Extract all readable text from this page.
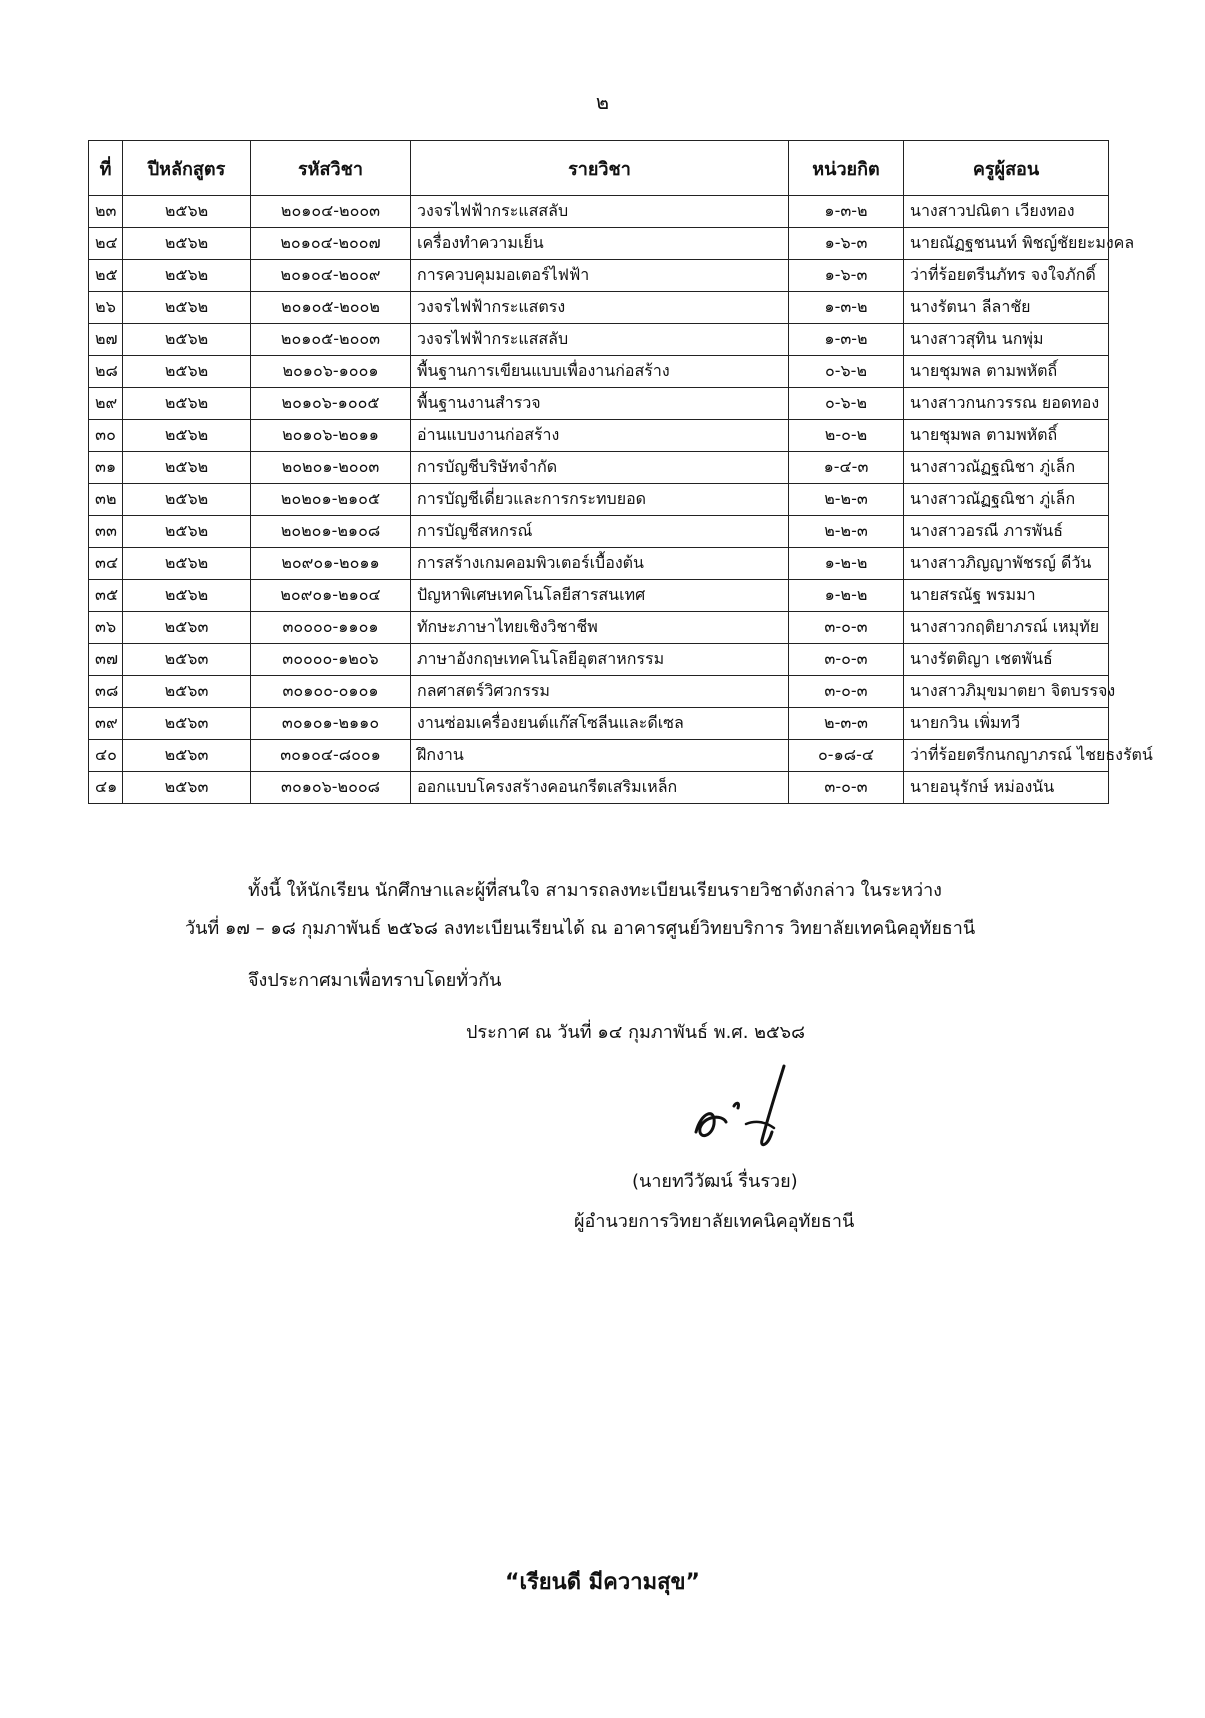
๒
ที่	ปีหลักสูตร	รหัสวิชา	รายวิชา	หน่วยกิต	ครูผู้สอน
๒๓	๒๕๖๒	๒๐๑๐๔-๒๐๐๓	วงจรไฟฟ้ากระแสสลับ	๑-๓-๒	นางสาวปณิตา เวียงทอง
๒๔	๒๕๖๒	๒๐๑๐๔-๒๐๐๗	เครื่องทำความเย็น	๑-๖-๓	นายณัฏฐชนนท์ พิชญ์ชัยยะมงคล
๒๕	๒๕๖๒	๒๐๑๐๔-๒๐๐๙	การควบคุมมอเตอร์ไฟฟ้า	๑-๖-๓	ว่าที่ร้อยตรีนภัทร จงใจภักดิ์
๒๖	๒๕๖๒	๒๐๑๐๕-๒๐๐๒	วงจรไฟฟ้ากระแสตรง	๑-๓-๒	นางรัตนา ลีลาชัย
๒๗	๒๕๖๒	๒๐๑๐๕-๒๐๐๓	วงจรไฟฟ้ากระแสสลับ	๑-๓-๒	นางสาวสุทิน นกพุ่ม
๒๘	๒๕๖๒	๒๐๑๐๖-๑๐๐๑	พื้นฐานการเขียนแบบเพื่องานก่อสร้าง	๐-๖-๒	นายชุมพล ตามพหัตถิ์
๒๙	๒๕๖๒	๒๐๑๐๖-๑๐๐๕	พื้นฐานงานสำรวจ	๐-๖-๒	นางสาวกนกวรรณ ยอดทอง
๓๐	๒๕๖๒	๒๐๑๐๖-๒๐๑๑	อ่านแบบงานก่อสร้าง	๒-๐-๒	นายชุมพล ตามพหัตถิ์
๓๑	๒๕๖๒	๒๐๒๐๑-๒๐๐๓	การบัญชีบริษัทจำกัด	๑-๔-๓	นางสาวณัฏฐณิชา ภู่เล็ก
๓๒	๒๕๖๒	๒๐๒๐๑-๒๑๐๕	การบัญชีเดี่ยวและการกระทบยอด	๒-๒-๓	นางสาวณัฏฐณิชา ภู่เล็ก
๓๓	๒๕๖๒	๒๐๒๐๑-๒๑๐๘	การบัญชีสหกรณ์	๒-๒-๓	นางสาวอรณี ภารพันธ์
๓๔	๒๕๖๒	๒๐๙๐๑-๒๐๑๑	การสร้างเกมคอมพิวเตอร์เบื้องต้น	๑-๒-๒	นางสาวภิญญาพัชรญ์ ดีวัน
๓๕	๒๕๖๒	๒๐๙๐๑-๒๑๐๔	ปัญหาพิเศษเทคโนโลยีสารสนเทศ	๑-๒-๒	นายสรณัฐ พรมมา
๓๖	๒๕๖๓	๓๐๐๐๐-๑๑๐๑	ทักษะภาษาไทยเชิงวิชาชีพ	๓-๐-๓	นางสาวกฤติยาภรณ์ เหมุทัย
๓๗	๒๕๖๓	๓๐๐๐๐-๑๒๐๖	ภาษาอังกฤษเทคโนโลยีอุตสาหกรรม	๓-๐-๓	นางรัตติญา เชตพันธ์
๓๘	๒๕๖๓	๓๐๑๐๐-๐๑๐๑	กลศาสตร์วิศวกรรม	๓-๐-๓	นางสาวภิมุขมาตยา จิตบรรจง
๓๙	๒๕๖๓	๓๐๑๐๑-๒๑๑๐	งานซ่อมเครื่องยนต์แก๊สโซลีนและดีเซล	๒-๓-๓	นายกวิน เพิ่มทวี
๔๐	๒๕๖๓	๓๐๑๐๔-๘๐๐๑	ฝึกงาน	๐-๑๘-๔	ว่าที่ร้อยตรีกนกญาภรณ์ ไชยธงรัตน์
๔๑	๒๕๖๓	๓๐๑๐๖-๒๐๐๘	ออกแบบโครงสร้างคอนกรีตเสริมเหล็ก	๓-๐-๓	นายอนุรักษ์ หม่องนัน
ทั้งนี้ ให้นักเรียน นักศึกษาและผู้ที่สนใจ สามารถลงทะเบียนเรียนรายวิชาดังกล่าว ในระหว่าง
วันที่ ๑๗ – ๑๘ กุมภาพันธ์ ๒๕๖๘ ลงทะเบียนเรียนได้ ณ อาคารศูนย์วิทยบริการ วิทยาลัยเทคนิคอุทัยธานี
จึงประกาศมาเพื่อทราบโดยทั่วกัน
ประกาศ ณ วันที่ ๑๔ กุมภาพันธ์ พ.ศ. ๒๕๖๘
(นายทวีวัฒน์ รื่นรวย)
ผู้อำนวยการวิทยาลัยเทคนิคอุทัยธานี
“เรียนดี มีความสุข”
